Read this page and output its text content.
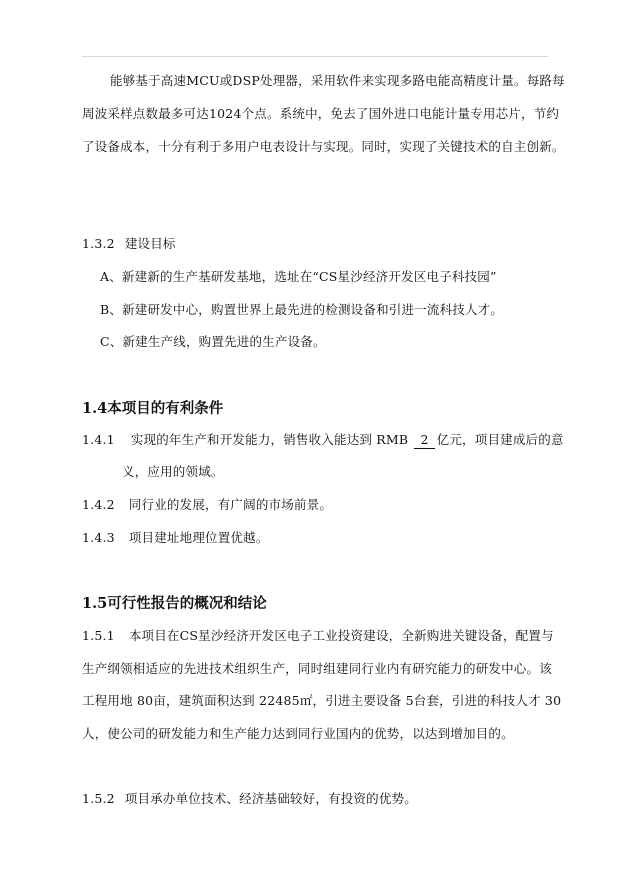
能够基于高速MCU或DSP处理器，采用软件来实现多路电能高精度计量。每路每
周波采样点数最多可达1024个点。系统中，免去了国外进口电能计量专用芯片，节约
了设备成本，十分有利于多用户电表设计与实现。同时，实现了关键技术的自主创新。
1.3.2 建设目标
A、新建新的生产基研发基地，选址在“CS星沙经济开发区电子科技园”
B、新建研发中心，购置世界上最先进的检测设备和引进一流科技人才。
C、新建生产线，购置先进的生产设备。
1.4本项目的有利条件
1.4.1 实现的年生产和开发能力，销售收入能达到 RMB 2 亿元，项目建成后的意
义，应用的领域。
1.4.2 同行业的发展，有广阔的市场前景。
1.4.3 项目建址地理位置优越。
1.5可行性报告的概况和结论
1.5.1 本项目在CS星沙经济开发区电子工业投资建设，全新购进关键设备，配置与
生产纲领相适应的先进技术组织生产，同时组建同行业内有研究能力的研发中心。该
工程用地 80亩，建筑面积达到 22485㎡，引进主要设备 5台套，引进的科技人才 30
人，使公司的研发能力和生产能力达到同行业国内的优势，以达到增加目的。
1.5.2 项目承办单位技术、经济基础较好，有投资的优势。
